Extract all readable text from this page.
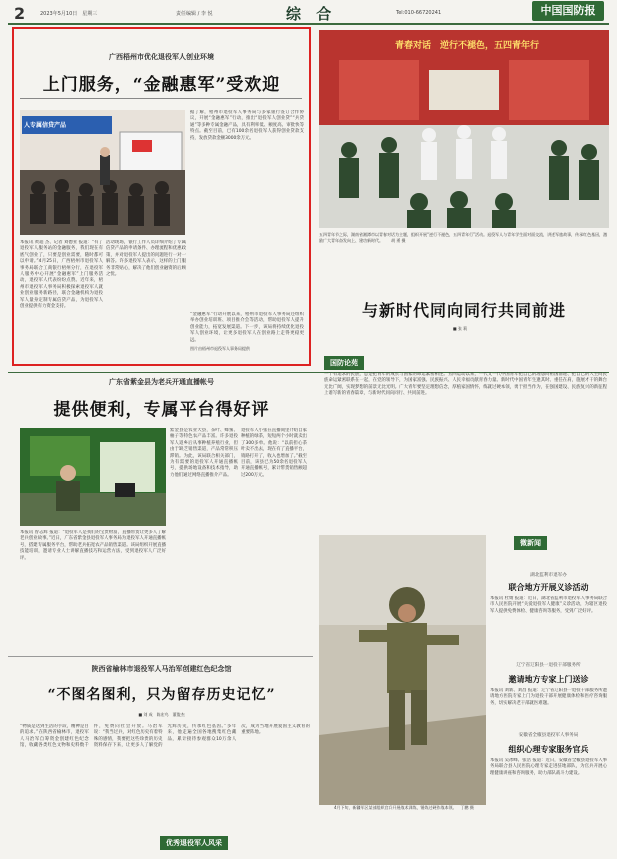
2	2023年5月10日　星期三	责任编辑 / 李 悦	综 合	Tel:010-66720241	中国国防报
广西梧州市优化退役军人创业环境
上门服务，“金融惠军”受欢迎
人专属信贷产品
据了解，梧州市退役军人事务局与多家银行签订合作协议，开展“金融惠军”行动，推出“退役军人创业贷”“兵贷通”等多种专属金融产品，具有利率低、额度高、审批快等特点。截至目前，已有100余名退役军人获得创业贷款支持，发放贷款金额3000余万元。
本报讯 黄超 杰、记者 刘德亚 报道：“有了退役军人服务站的金融服务，我们现在有底气创业了，只要是创业需要，随时都可以申请。”4月25日，广西梧州市退役军人事务局联合工商银行梧州分行，在退役军人服务中心开展“金融惠军”上门服务活动，退役军人代表纷纷点赞。近年来，梧州市退役军人事务局积极探索退役军人就业创业服务新路径，联合金融机构为退役军人量身定制专属信贷产品，为退役军人创业提供有力资金支持。
活动现场，银行工作人员详细介绍了专属信贷产品的申请条件、办理流程和优惠政策，并对退役军人提出的问题进行一对一解答。许多退役军人表示，这样的上门服务非常贴心，解决了他们创业融资的后顾之忧。
“金融惠军”行动开展以来，梧州市退役军人事务局还组织举办创业培训班、项目推介会等活动，帮助退役军人提升创业能力，拓宽发展渠道。下一步，该局将持续优化退役军人创业环境，让更多退役军人在创业路上走得更稳更远。
图片由梧州市退役军人事务局提供
青春对话　逆行不褪色，五四青年行
五四青年节之际，湖南省湘潭市以青春对话为主题，组织开展“逆行不褪色，五四青年行”活动。退役军人与青年学生面对面交流，讲述军旅故事，传承红色基因，激励广大青年奋发向上、建功新时代。　　胡 勇 摄
与新时代同向同行共同前进
■ 张 莉
广东省紫金县为老兵开通直播帐号
提供便利，专属平台得好评
本报讯 曾志辉 报道：“退役军人是我们的宝贵财富，直播带货让更多人了解老兵创业故事。”近日，广东省紫金县退役军人事务局为退役军人开通直播帐号，搭建专属服务平台，帮助老兵拓宽农产品销售渠道。该局组织开展直播技能培训，邀请专业人士讲解直播技巧和运营方法，受到退役军人广泛好评。
紫金县是农业大县，茶叶、蜂蜜、柚子等特色农产品丰富。许多退役军人返乡后从事种植养殖行业，但由于缺乏销售渠道，产品常常积压滞销。为此，该局联合相关部门，为有需要的退役军人开通直播帐号，提供场地设备和技术指导，助力他们通过网络直播推介产品。
退役军人小张在直播间里介绍自家种植的绿茶，短短两个小时就卖出了300多单。他说：“以前担心茶叶卖不出去，现在有了直播平台，销路打开了，收入也增加了。”截至目前，该县已为50余名退役军人开通直播帐号，累计带货销售额超过200万元。
国防论苑
一个有追求的民族，总是把青年的成长与国家的命运紧密相连。五四运动以来，一代又一代中国青年把自己的理想同祖国前途、把自己的人生同民族命运紧密联系在一起，在党的领导下，为国家富强、民族振兴、人民幸福贡献青春力量。新时代中国青年生逢其时、重任在肩，施展才干的舞台无比广阔，实现梦想的前景无比光明。广大青年要坚定理想信念，厚植家国情怀，练就过硬本领，勇于担当作为，在强国建设、民族复兴的新征程上谱写新的青春篇章，与新时代同向同行、共同前进。
4月下旬，新疆军区某部组织官兵开展战术训练，锤炼过硬作战本领。　丁鹏 摄
微新闻
湖北监利市退军办
联合地方开展义诊活动
本报讯 杜婧 报道：近日，湖北省监利市退役军人事务局联合市人民医院开展“关爱退役军人健康”义诊活动，为辖区退役军人提供免费体检、健康咨询等服务，受到广泛好评。
辽宁省辽阳县一退役干部服务所
邀请地方专家上门送诊
本报讯 刘新、刘昌 报道：辽宁省辽阳县一退役干部服务所邀请地方医院专家上门为退役干部开展健康体检和医疗咨询服务，切实解决老干部就医难题。
安徽省全椒县退役军人事务局
组织心理专家服务官兵
本报讯 吴冰峰、张浩 报道：近日，安徽省全椒县退役军人事务局联合县人民医院心理专家走进驻地部队，为官兵开展心理健康讲座和咨询服务，助力部队战斗力建设。
陕西省榆林市退役军人马治军创建红色纪念馆
“不图名图利，只为留存历史记忆”
■ 刘 成　陈宏鸟　董俊杰
“物质是达到生活的手段，精神是目的追求。”在陕西省榆林市，退役军人马治军自筹资金创建红色纪念馆，收藏各类红色文物和史料数千件，免费向社会开放。马治军说：“我当过兵，对红色历史有着特殊的感情，我要把这些珍贵的历史资料保存下来，让更多人了解党的光辉历史，传承红色基因。”多年来，他走遍全国各地搜集红色藏品，累计接待参观群众10万余人次，成为当地开展爱国主义教育的重要阵地。
优秀退役军人风采
